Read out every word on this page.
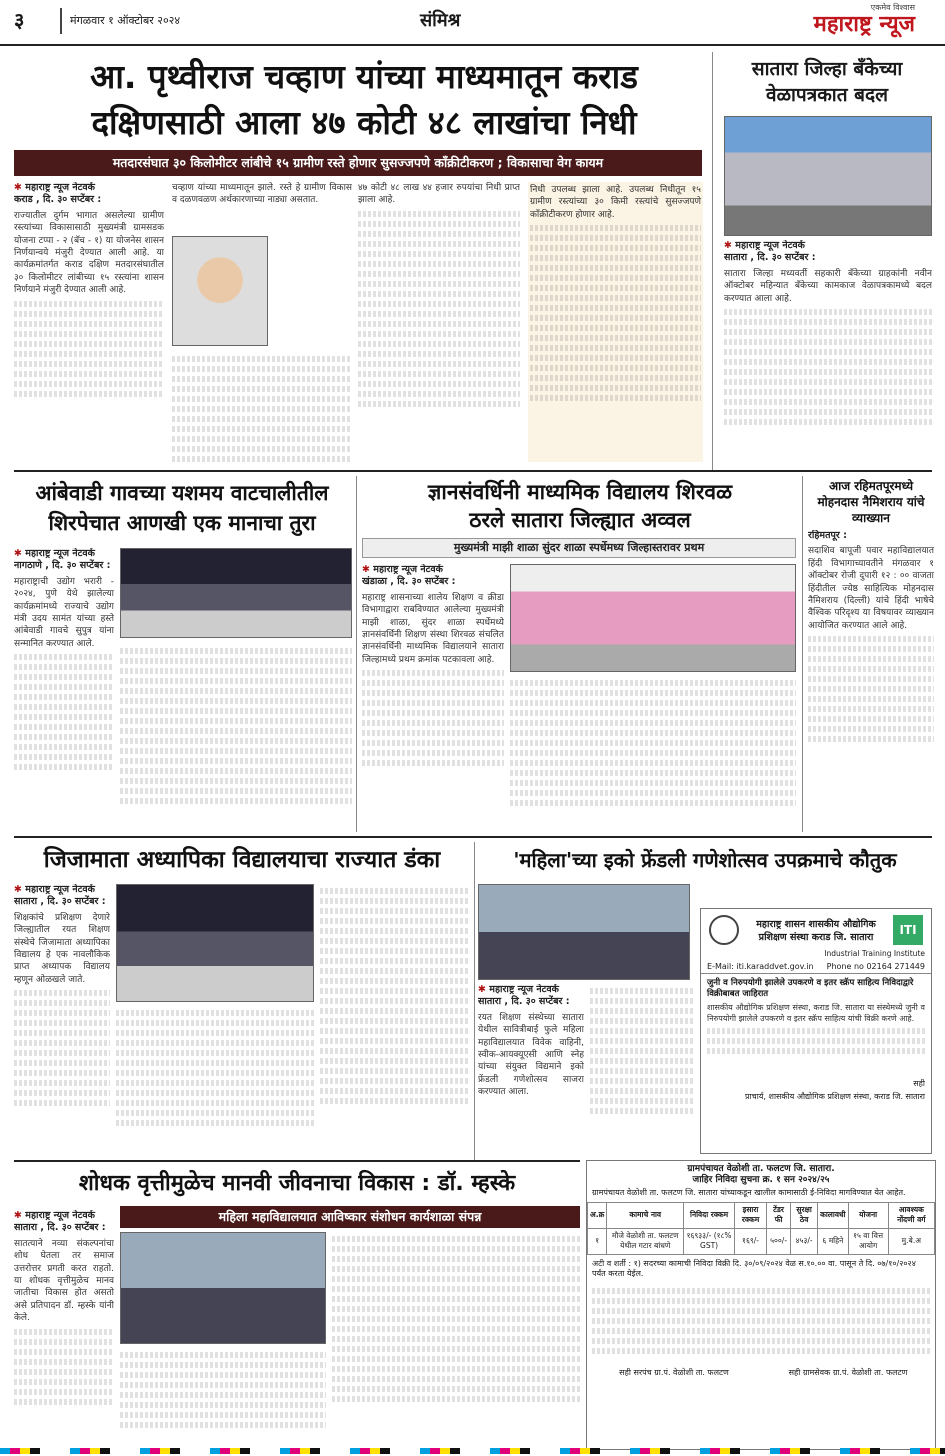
३	मंगळवार १ ऑक्टोबर २०२४	संमिश्र
एकमेव विश्वास
महाराष्ट्र न्यूज
आ. पृथ्वीराज चव्हाण यांच्या माध्यमातून कराड
दक्षिणसाठी आला ४७ कोटी ४८ लाखांचा निधी
मतदारसंघात ३० किलोमीटर लांबीचे १५ ग्रामीण रस्ते होणार सुसज्जपणे काँक्रीटीकरण ; विकासाचा वेग कायम
✱ महाराष्ट्र न्यूज नेटवर्क
कराड , दि. ३० सप्टेंबर :

राज्यातील दुर्गम भागात असलेल्या ग्रामीण रस्त्यांच्या विकासासाठी मुख्यमंत्री ग्रामसडक योजना टप्पा - २ (बॅच - १) या योजनेस शासन निर्णयान्वये मंजुरी देण्यात आली आहे. या कार्यक्रमांतर्गत कराड दक्षिण मतदारसंघातील ३० किलोमीटर लांबीच्या १५ रस्त्यांना शासन निर्णयाने मंजुरी देण्यात आली आहे.

चव्हाण यांच्या माध्यमातून झाले. रस्ते हे ग्रामीण विकास व दळणवळण अर्थकारणाच्या नाड्या असतात.

४७ कोटी ४८ लाख ४४ हजार रुपयांचा निधी प्राप्त झाला आहे.

निधी उपलब्ध झाला आहे. उपलब्ध निधीतून १५ ग्रामीण रस्त्यांच्या ३० किमी रस्त्यांचे सुसज्जपणे काँक्रीटीकरण होणार आहे.

सातारा जिल्हा बँकेच्या वेळापत्रकात बदल
✱ महाराष्ट्र न्यूज नेटवर्क
सातारा , दि. ३० सप्टेंबर :

सातारा जिल्हा मध्यवर्ती सहकारी बँकेच्या ग्राहकांनी नवीन ऑक्टोबर महिन्यात बँकेच्या कामकाज वेळापत्रकामध्ये बदल करण्यात आला आहे.

आंबेवाडी गावच्या यशमय वाटचालीतील
शिरपेचात आणखी एक मानाचा तुरा
✱ महाराष्ट्र न्यूज नेटवर्क
नागठाणे , दि. ३० सप्टेंबर :

महाराष्ट्राची उद्योग भरारी - २०२४, पुणे येथे झालेल्या कार्यक्रमांमध्ये राज्याचे उद्योग मंत्री उदय सामंत यांच्या हस्ते आंबेवाडी गावचे सुपुत्र यांना सन्मानित करण्यात आले.

ज्ञानसंवर्धिनी माध्यमिक विद्यालय शिरवळ
ठरले सातारा जिल्ह्यात अव्वल
मुख्यमंत्री माझी शाळा सुंदर शाळा स्पर्धेमध्य जिल्हास्तरावर प्रथम
✱ महाराष्ट्र न्यूज नेटवर्क
खंडाळा , दि. ३० सप्टेंबर :

महाराष्ट्र शासनाच्या शालेय शिक्षण व क्रीडा विभागाद्वारा राबविण्यात आलेल्या मुख्यमंत्री माझी शाळा, सुंदर शाळा स्पर्धेमध्ये ज्ञानसंवर्धिनी शिक्षण संस्था शिरवळ संचलित ज्ञानसंवर्धिनी माध्यमिक विद्यालयाने सातारा जिल्हामध्ये प्रथम क्रमांक पटकावला आहे.

आज रहिमतपूरमध्ये मोहनदास नैमिशराय यांचे व्याख्यान
रहिमतपूर :

सदाशिव बापूजी पवार महाविद्यालयात हिंदी विभागाच्यावतीने मंगळवार १ ऑक्टोबर रोजी दुपारी १२ : ०० वाजता हिंदीतील ज्येष्ठ साहित्यिक मोहनदास नैमिशराय (दिल्ली) यांचे हिंदी भाषेचे वैश्विक परिदृश्य या विषयावर व्याख्यान आयोजित करण्यात आले आहे.

जिजामाता अध्यापिका विद्यालयाचा राज्यात डंका
✱ महाराष्ट्र न्यूज नेटवर्क
सातारा , दि. ३० सप्टेंबर :

शिक्षकांचे प्रशिक्षण देणारे जिल्ह्यातील रयत शिक्षण संस्थेचे जिजामाता अध्यापिका विद्यालय हे एक नावलौकिक प्राप्त अध्यापक विद्यालय म्हणून ओळखले जाते.

'महिला'च्या इको फ्रेंडली गणेशोत्सव उपक्रमाचे कौतुक
✱ महाराष्ट्र न्यूज नेटवर्क
सातारा , दि. ३० सप्टेंबर :

रयत शिक्षण संस्थेच्या सातारा येथील सावित्रीबाई फुले महिला महाविद्यालयात विवेक वाहिनी, स्वीक-आयक्यूएसी आणि स्नेह यांच्या संयुक्त विद्यमाने इको फ्रेंडली गणेशोत्सव साजरा करण्यात आला.

ITI
महाराष्ट्र शासन शासकीय औद्योगिक प्रशिक्षण संस्था कराड जि. सातारा
Industrial Training Institute
E-Mail: iti.karaddvet.gov.in Phone no 02164 271449
जुनी व निरुपयोगी झालेले उपकरणे व इतर स्क्रॅप साहित्य निविदाद्वारे विक्रीबाबत जाहिरात

शासकीय औद्योगिक प्रशिक्षण संस्था, कराड जि. सातारा या संस्थेमध्ये जुनी व निरुपयोगी झालेले उपकरणे व इतर स्क्रॅप साहित्य यांची विक्री करणे आहे.

सही
प्राचार्य, शासकीय औद्योगिक प्रशिक्षण संस्था, कराड जि. सातारा
शोधक वृत्तीमुळेच मानवी जीवनाचा विकास : डॉ. म्हस्के
महिला महाविद्यालयात आविष्कार संशोधन कार्यशाळा संपन्न
✱ महाराष्ट्र न्यूज नेटवर्क
सातारा , दि. ३० सप्टेंबर :

सातत्याने नव्या संकल्पनांचा शोध घेतला तर समाज उत्तरोत्तर प्रगती करत राहतो. या शोधक वृत्तीमुळेच मानव जातीचा विकास होत असतो असे प्रतिपादन डॉ. म्हस्के यांनी केले.

ग्रामपंचायत वेळोशी ता. फलटण जि. सातारा.
जाहिर निविदा सुचना क्र. १ सन २०२४/२५
ग्रामपंचायत वेळोशी ता. फलटण जि. सातारा यांच्याकडून खालील कामासाठी ई-निविदा मागविण्यात येत आहेत.
अ.क्र	कामाचे नाव	निविदा रक्कम	इसारा रक्कम	टेंडर फी	सुरक्षा ठेव	कालावधी	योजना	आवश्यक नोंदणी वर्ग
१	मौजे वेळोशी ता. फलटण येथील गटार बांधणे	१६९३३/- (१८% GST)	१६९/-	५००/-	४५३/-	६ महिने	१५ वा वित्त आयोग	मु.बे.अ
अटी व शर्ती : १) सदरच्या कामाची निविदा विक्री दि. ३०/०९/२०२४ वेळ स.१०.०० वा. पासून ते दि. ०७/१०/२०२४ पर्यंत करता येईल.
सही सरपंच ग्रा.पं. वेळोशी ता. फलटण	सही ग्रामसेवक ग्रा.पं. वेळोशी ता. फलटण
